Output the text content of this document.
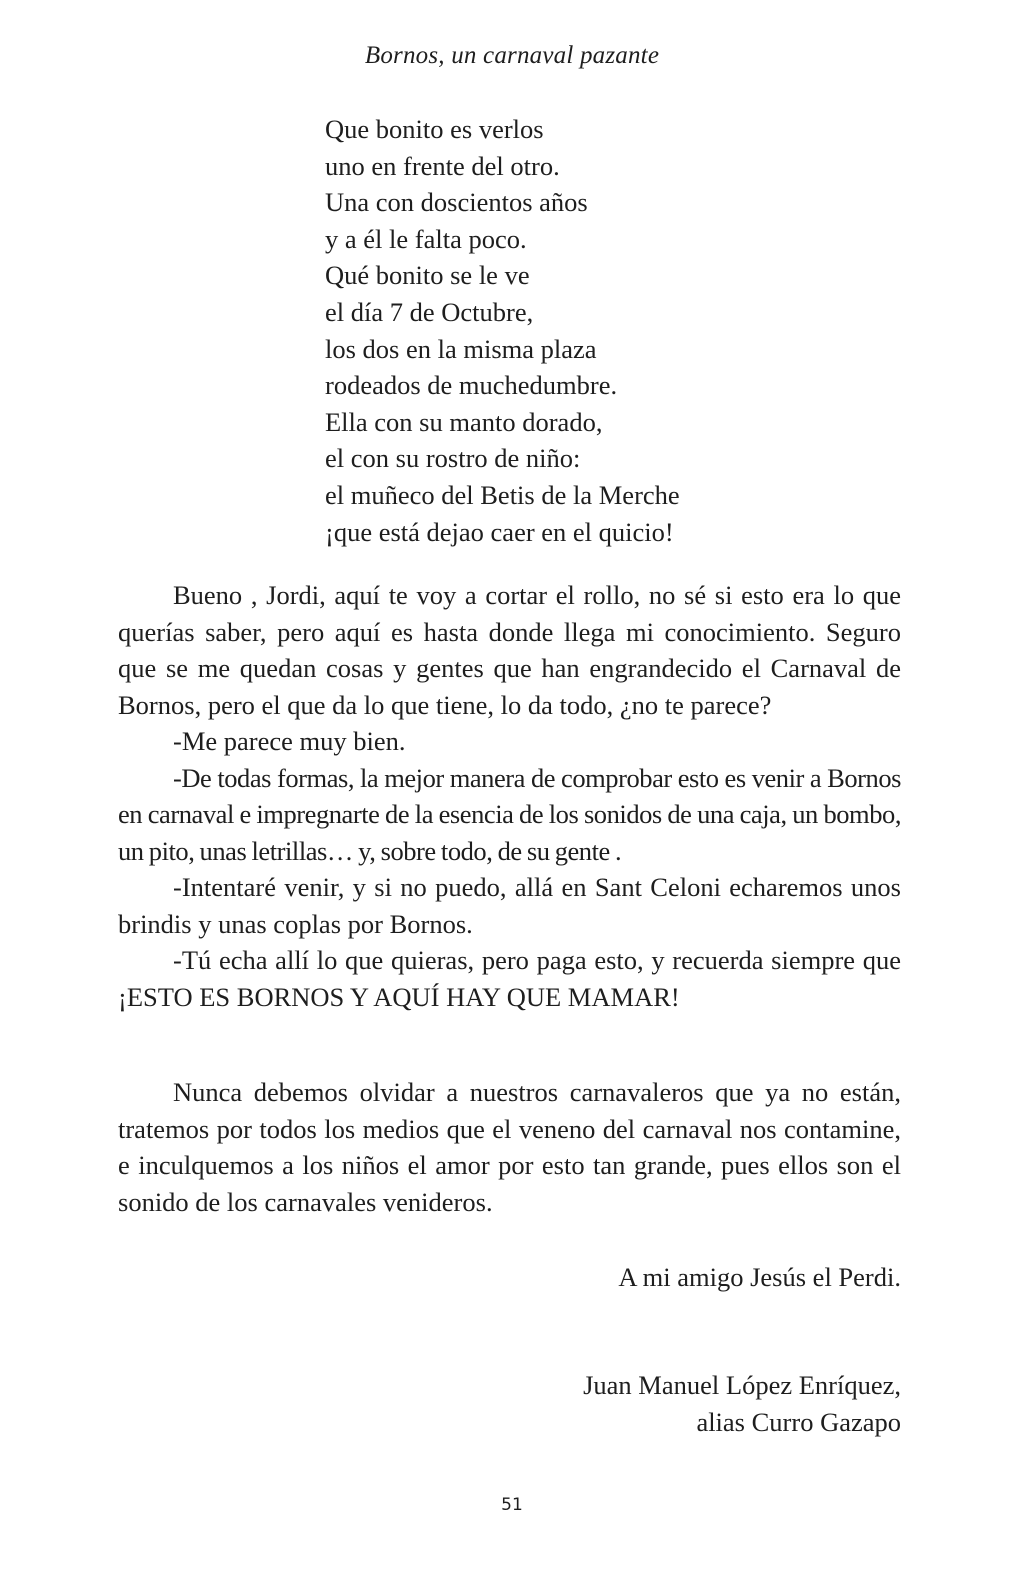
Bornos, un carnaval pazante
Que bonito es verlos
uno en frente del otro.
Una con doscientos años
y a él le falta poco.
Qué bonito se le ve
el día 7 de Octubre,
los dos en la misma plaza
rodeados de muchedumbre.
Ella con su manto dorado,
el con su rostro de niño:
el muñeco del Betis de la Merche
¡que está dejao caer en el quicio!

Bueno , Jordi, aquí te voy a cortar el rollo, no sé si esto era lo que querías saber, pero aquí es hasta donde llega mi conocimiento. Seguro que se me quedan cosas y gentes que han engrandecido el Carnaval de Bornos, pero el que da lo que tiene, lo da todo, ¿no te parece?

-Me parece muy bien.

-De todas formas, la mejor manera de comprobar esto es venir a Bornos en carnaval e impregnarte de la esencia de los sonidos de una caja, un bombo, un pito, unas letrillas… y, sobre todo, de su gente .

-Intentaré venir, y si no puedo, allá en Sant Celoni echaremos unos brindis y unas coplas por Bornos.

-Tú echa allí lo que quieras, pero paga esto, y recuerda siempre que ¡ESTO ES BORNOS Y AQUÍ HAY QUE MAMAR!

Nunca debemos olvidar a nuestros carnavaleros que ya no están, tratemos por todos los medios que el veneno del carnaval nos contamine, e inculquemos a los niños el amor por esto tan grande, pues ellos son el sonido de los carnavales venideros.

A mi amigo Jesús el Perdi.
Juan Manuel López Enríquez,
alias Curro Gazapo
51
